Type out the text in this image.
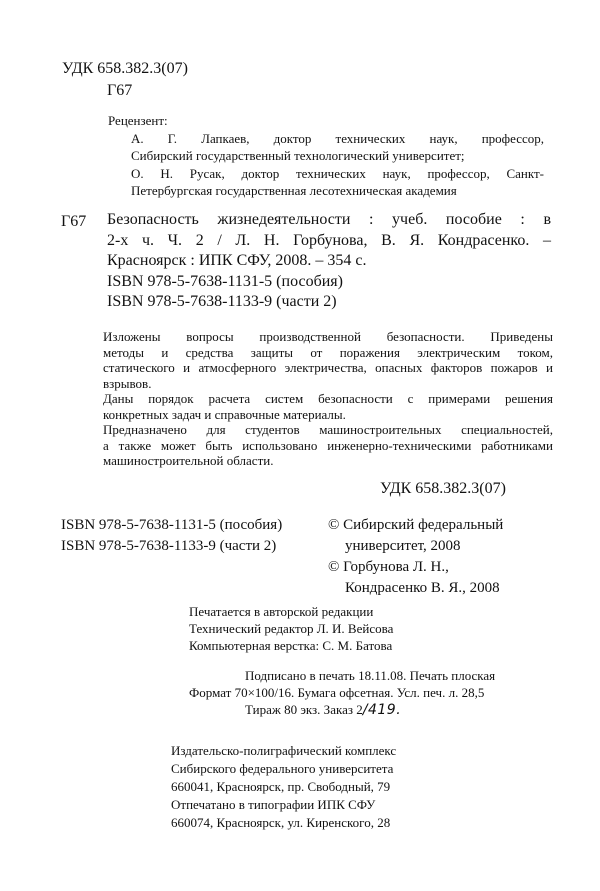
УДК 658.382.3(07)
Г67
Рецензент:
А. Г. Лапкаев, доктор технических наук, профессор,
Сибирский государственный технологический университет;
О. Н. Русак, доктор технических наук, профессор, Санкт-
Петербургская государственная лесотехническая академия
Г67 Безопасность жизнедеятельности : учеб. пособие : в
2-х ч. Ч. 2 / Л. Н. Горбунова, В. Я. Кондрасенко. –
Красноярск : ИПК СФУ, 2008. – 354 с.
ISBN 978-5-7638-1131-5 (пособия)
ISBN 978-5-7638-1133-9 (части 2)

Изложены вопросы производственной безопасности. Приведены
методы и средства защиты от поражения электрическим током,
статического и атмосферного электричества, опасных факторов пожаров и
взрывов.

Даны порядок расчета систем безопасности с примерами решения
конкретных задач и справочные материалы.

Предназначено для студентов машиностроительных специальностей,
а также может быть использовано инженерно-техническими работниками
машиностроительной области.

УДК 658.382.3(07)
ISBN 978-5-7638-1131-5 (пособия)
ISBN 978-5-7638-1133-9 (части 2)
© Сибирский федеральный
университет, 2008
© Горбунова Л. Н.,
Кондрасенко В. Я., 2008
Печатается в авторской редакции
Технический редактор Л. И. Вейсова
Компьютерная верстка: С. М. Батова
Подписано в печать 18.11.08. Печать плоская
Формат 70×100/16. Бумага офсетная. Усл. печ. л. 28,5
Тираж 80 экз. Заказ 2/419.
Издательско-полиграфический комплекс
Сибирского федерального университета
660041, Красноярск, пр. Свободный, 79
Отпечатано в типографии ИПК СФУ
660074, Красноярск, ул. Киренского, 28
